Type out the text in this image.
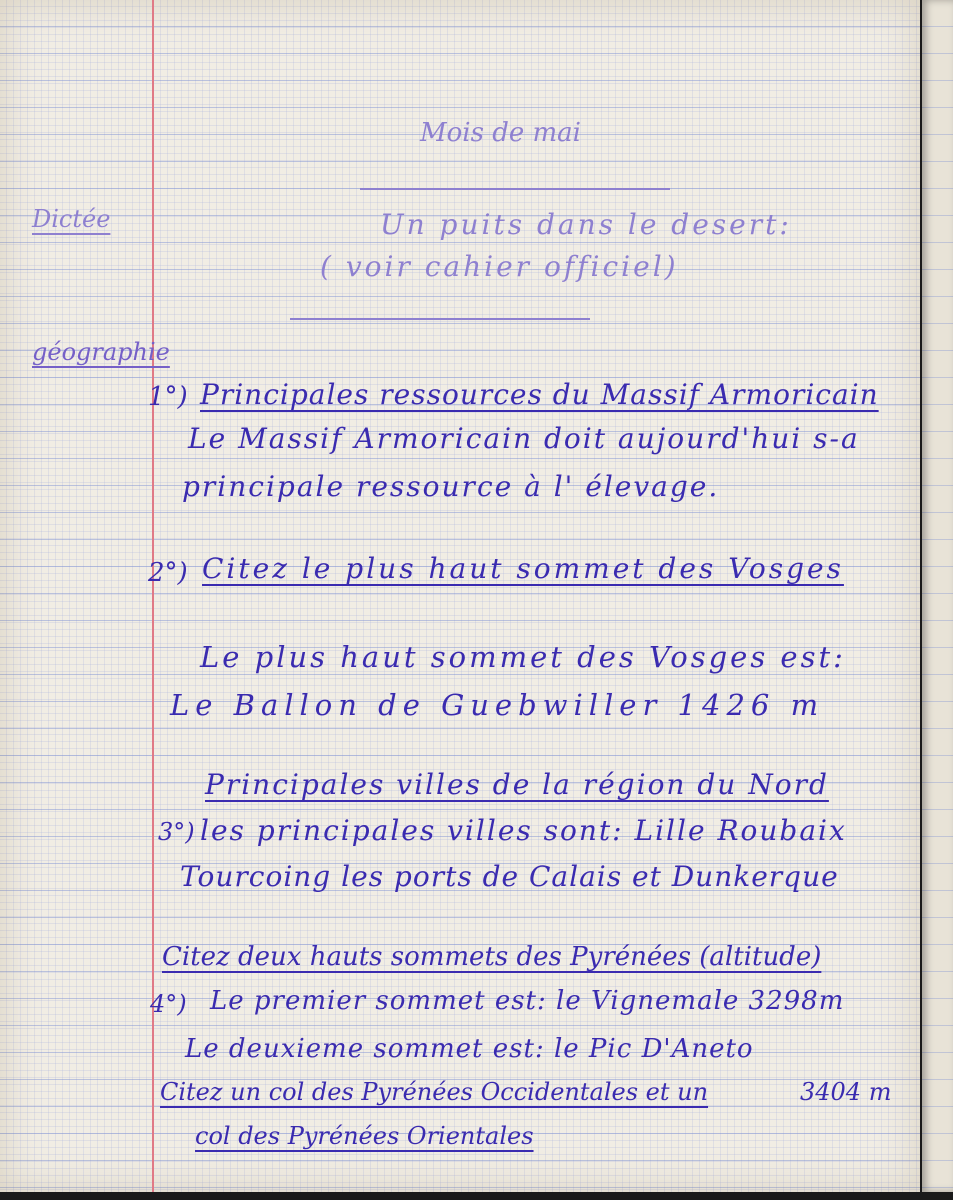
Mois de mai
Dictée	Un puits dans le desert:
( voir cahier officiel)
géographie
1°) Principales ressources du Massif Armoricain
Le Massif Armoricain doit aujourd'hui s-a
principale ressource à l' élevage.
2°) Citez le plus haut sommet des Vosges
Le plus haut sommet des Vosges est:
Le Ballon de Guebwiller 1426 m
Principales villes de la région du Nord
3°) les principales villes sont: Lille Roubaix
Tourcoing les ports de Calais et Dunkerque
Citez deux hauts sommets des Pyrénées (altitude)
4°) Le premier sommet est: le Vignemale 3298m
Le deuxieme sommet est: le Pic D'Aneto
3404 m
Citez un col des Pyrénées Occidentales et un
col des Pyrénées Orientales
